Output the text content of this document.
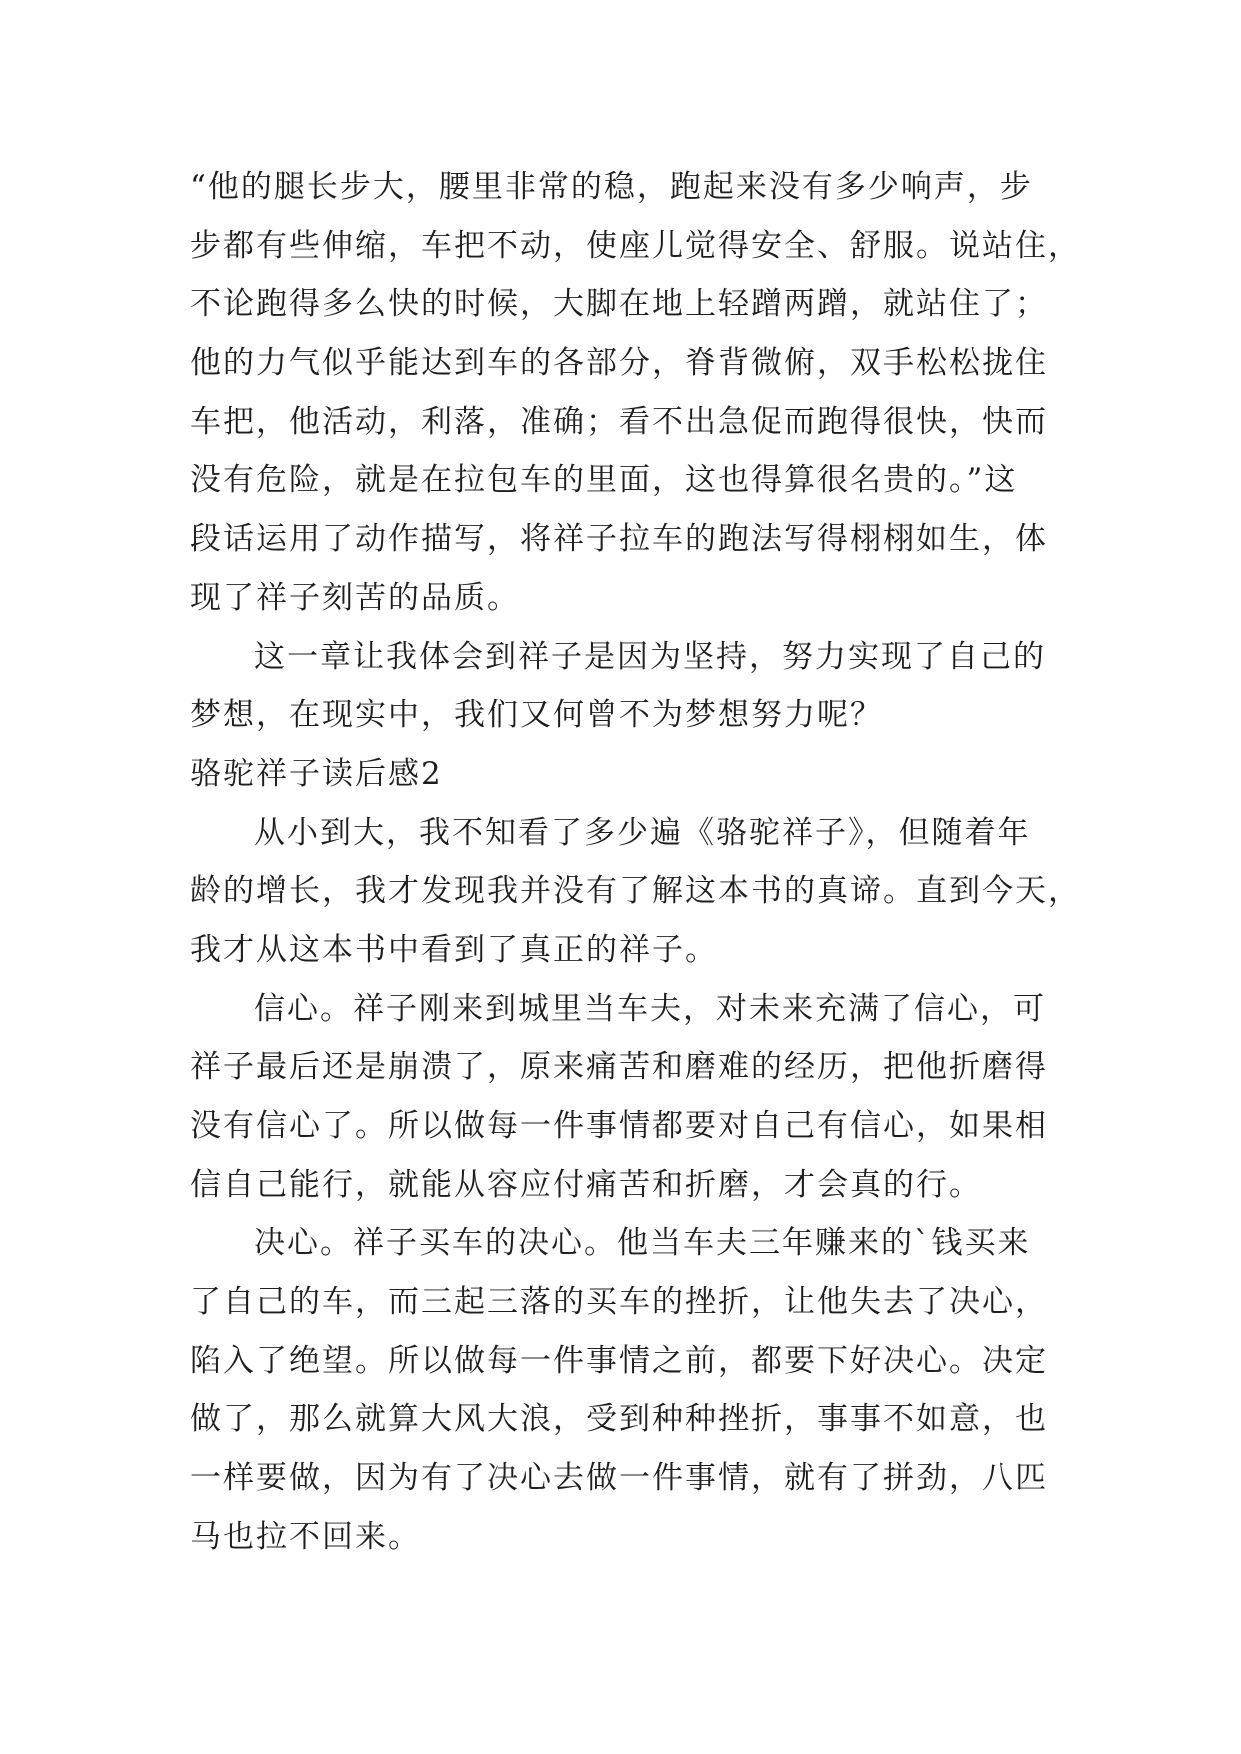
“他的腿长步大，腰里非常的稳，跑起来没有多少响声，步
步都有些伸缩，车把不动，使座儿觉得安全、舒服。说站住，
不论跑得多么快的时候，大脚在地上轻蹭两蹭，就站住了；
他的力气似乎能达到车的各部分，脊背微俯，双手松松拢住
车把，他活动，利落，准确；看不出急促而跑得很快，快而
没有危险，就是在拉包车的里面，这也得算很名贵的。”这
段话运用了动作描写，将祥子拉车的跑法写得栩栩如生，体
现了祥子刻苦的品质。
这一章让我体会到祥子是因为坚持，努力实现了自己的
梦想，在现实中，我们又何曾不为梦想努力呢？
骆驼祥子读后感2
从小到大，我不知看了多少遍《骆驼祥子》，但随着年
龄的增长，我才发现我并没有了解这本书的真谛。直到今天，
我才从这本书中看到了真正的祥子。
信心。祥子刚来到城里当车夫，对未来充满了信心，可
祥子最后还是崩溃了，原来痛苦和磨难的经历，把他折磨得
没有信心了。所以做每一件事情都要对自己有信心，如果相
信自己能行，就能从容应付痛苦和折磨，才会真的行。
决心。祥子买车的决心。他当车夫三年赚来的`钱买来
了自己的车，而三起三落的买车的挫折，让他失去了决心，
陷入了绝望。所以做每一件事情之前，都要下好决心。决定
做了，那么就算大风大浪，受到种种挫折，事事不如意，也
一样要做，因为有了决心去做一件事情，就有了拼劲，八匹
马也拉不回来。
